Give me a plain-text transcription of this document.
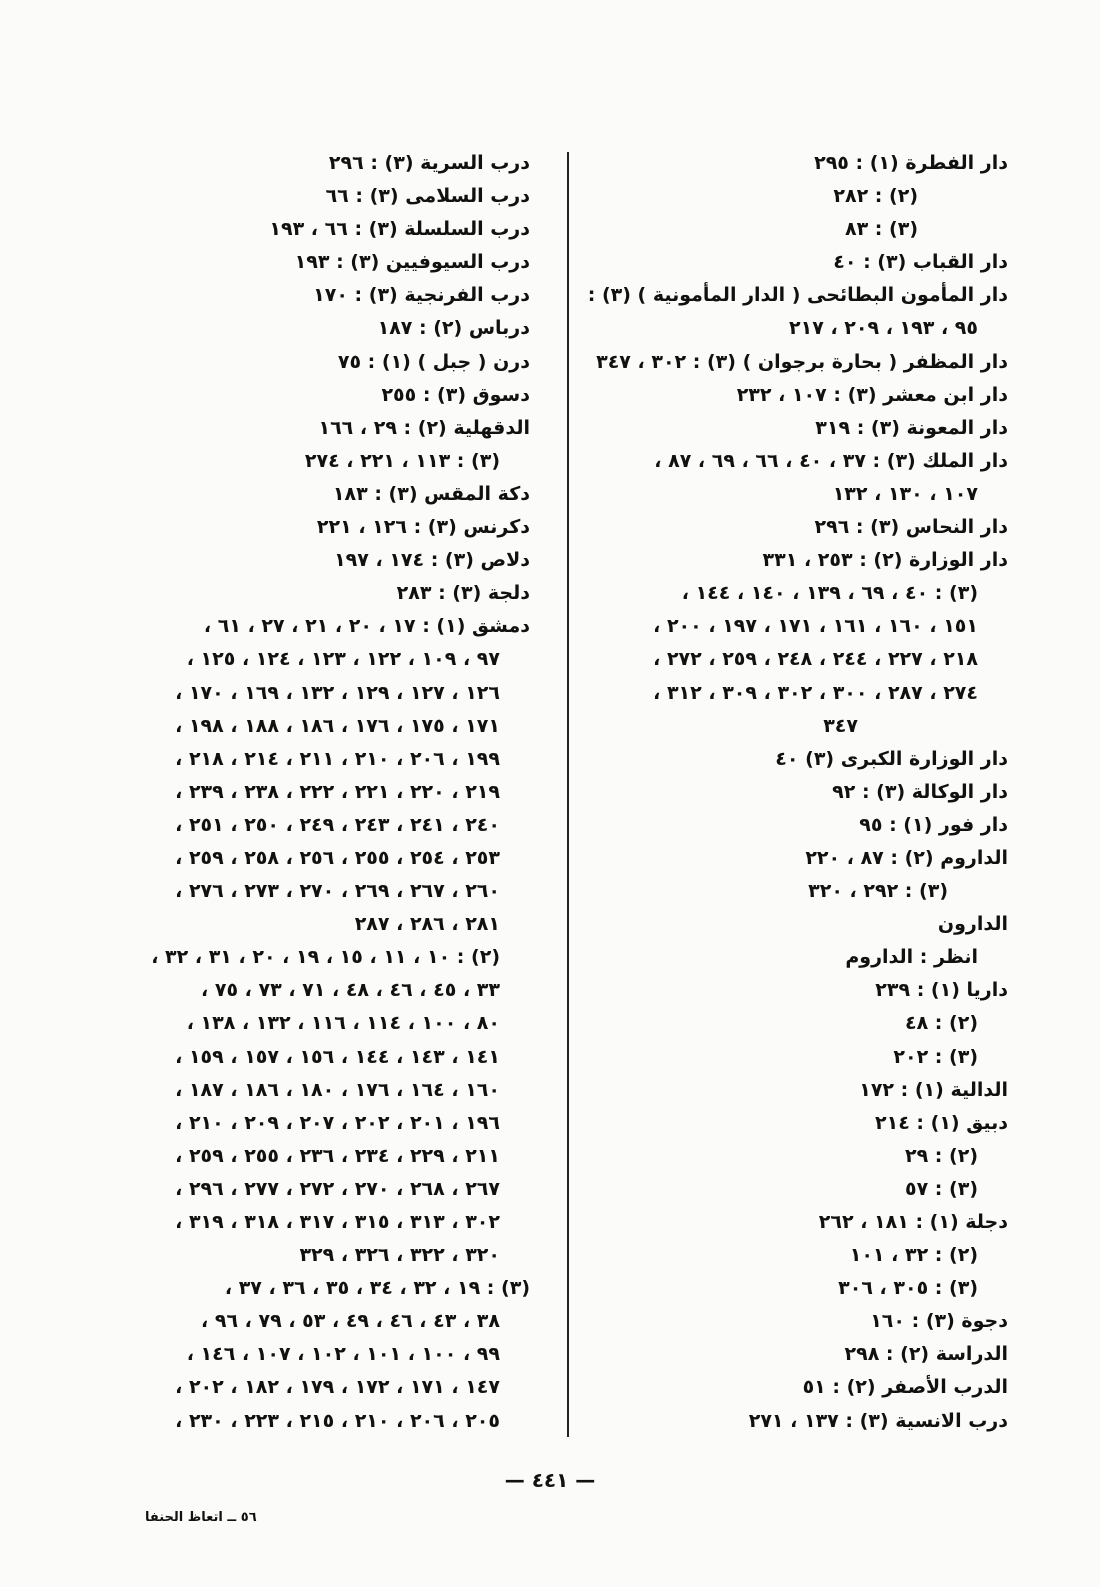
دار الفطرة (١) : ٢٩٥
(٢) : ٢٨٢
(٣) : ٨٣
دار القباب (٣) : ٤٠
دار المأمون البطائحى ( الدار المأمونية ) (٣) :
٩٥ ، ١٩٣ ، ٢٠٩ ، ٢١٧
دار المظفر ( بحارة برجوان ) (٣) : ٣٠٢ ، ٣٤٧
دار ابن معشر (٣) : ١٠٧ ، ٢٣٢
دار المعونة (٣) : ٣١٩
دار الملك (٣) : ٣٧ ، ٤٠ ، ٦٦ ، ٦٩ ، ٨٧ ،
١٠٧ ، ١٣٠ ، ١٣٢
دار النحاس (٣) : ٢٩٦
دار الوزارة (٢) : ٢٥٣ ، ٣٣١
(٣) : ٤٠ ، ٦٩ ، ١٣٩ ، ١٤٠ ، ١٤٤ ،
١٥١ ، ١٦٠ ، ١٦١ ، ١٧١ ، ١٩٧ ، ٢٠٠ ،
٢١٨ ، ٢٢٧ ، ٢٤٤ ، ٢٤٨ ، ٢٥٩ ، ٢٧٢ ،
٢٧٤ ، ٢٨٧ ، ٣٠٠ ، ٣٠٢ ، ٣٠٩ ، ٣١٢ ،
٣٤٧
دار الوزارة الكبرى (٣) ٤٠
دار الوكالة (٣) : ٩٢
دار فور (١) : ٩٥
الداروم (٢) : ٨٧ ، ٢٢٠
(٣) : ٢٩٢ ، ٣٢٠
الدارون
انظر : الداروم
داريا (١) : ٢٣٩
(٢) : ٤٨
(٣) : ٢٠٢
الدالية (١) : ١٧٢
دبيق (١) : ٢١٤
(٢) : ٢٩
(٣) : ٥٧
دجلة (١) : ١٨١ ، ٢٦٢
(٢) : ٣٢ ، ١٠١
(٣) : ٣٠٥ ، ٣٠٦
دجوة (٣) : ١٦٠
الدراسة (٢) : ٢٩٨
الدرب الأصفر (٢) : ٥١
درب الانسية (٣) : ١٣٧ ، ٢٧١
درب السرية (٣) : ٢٩٦
درب السلامى (٣) : ٦٦
درب السلسلة (٣) : ٦٦ ، ١٩٣
درب السيوفيين (٣) : ١٩٣
درب الفرنجية (٣) : ١٧٠
درباس (٢) : ١٨٧
درن ( جبل ) (١) : ٧٥
دسوق (٣) : ٢٥٥
الدقهلية (٢) : ٢٩ ، ١٦٦
(٣) : ١١٣ ، ٢٢١ ، ٢٧٤
دكة المقس (٣) : ١٨٣
دكرنس (٣) : ١٢٦ ، ٢٢١
دلاص (٣) : ١٧٤ ، ١٩٧
دلجة (٣) : ٢٨٣
دمشق (١) : ١٧ ، ٢٠ ، ٢١ ، ٢٧ ، ٦١ ،
٩٧ ، ١٠٩ ، ١٢٢ ، ١٢٣ ، ١٢٤ ، ١٢٥ ،
١٢٦ ، ١٢٧ ، ١٢٩ ، ١٣٢ ، ١٦٩ ، ١٧٠ ،
١٧١ ، ١٧٥ ، ١٧٦ ، ١٨٦ ، ١٨٨ ، ١٩٨ ،
١٩٩ ، ٢٠٦ ، ٢١٠ ، ٢١١ ، ٢١٤ ، ٢١٨ ،
٢١٩ ، ٢٢٠ ، ٢٢١ ، ٢٢٢ ، ٢٣٨ ، ٢٣٩ ،
٢٤٠ ، ٢٤١ ، ٢٤٣ ، ٢٤٩ ، ٢٥٠ ، ٢٥١ ،
٢٥٣ ، ٢٥٤ ، ٢٥٥ ، ٢٥٦ ، ٢٥٨ ، ٢٥٩ ،
٢٦٠ ، ٢٦٧ ، ٢٦٩ ، ٢٧٠ ، ٢٧٣ ، ٢٧٦ ،
٢٨١ ، ٢٨٦ ، ٢٨٧
(٢) : ١٠ ، ١١ ، ١٥ ، ١٩ ، ٢٠ ، ٣١ ، ٣٢ ،
٣٣ ، ٤٥ ، ٤٦ ، ٤٨ ، ٧١ ، ٧٣ ، ٧٥ ،
٨٠ ، ١٠٠ ، ١١٤ ، ١١٦ ، ١٣٢ ، ١٣٨ ،
١٤١ ، ١٤٣ ، ١٤٤ ، ١٥٦ ، ١٥٧ ، ١٥٩ ،
١٦٠ ، ١٦٤ ، ١٧٦ ، ١٨٠ ، ١٨٦ ، ١٨٧ ،
١٩٦ ، ٢٠١ ، ٢٠٢ ، ٢٠٧ ، ٢٠٩ ، ٢١٠ ،
٢١١ ، ٢٢٩ ، ٢٣٤ ، ٢٣٦ ، ٢٥٥ ، ٢٥٩ ،
٢٦٧ ، ٢٦٨ ، ٢٧٠ ، ٢٧٢ ، ٢٧٧ ، ٢٩٦ ،
٣٠٢ ، ٣١٣ ، ٣١٥ ، ٣١٧ ، ٣١٨ ، ٣١٩ ،
٣٢٠ ، ٣٢٢ ، ٣٢٦ ، ٣٢٩
(٣) : ١٩ ، ٣٢ ، ٣٤ ، ٣٥ ، ٣٦ ، ٣٧ ،
٣٨ ، ٤٣ ، ٤٦ ، ٤٩ ، ٥٣ ، ٧٩ ، ٩٦ ،
٩٩ ، ١٠٠ ، ١٠١ ، ١٠٢ ، ١٠٧ ، ١٤٦ ،
١٤٧ ، ١٧١ ، ١٧٢ ، ١٧٩ ، ١٨٢ ، ٢٠٢ ،
٢٠٥ ، ٢٠٦ ، ٢١٠ ، ٢١٥ ، ٢٢٣ ، ٢٣٠ ،
— ٤٤١ —
٥٦ ــ اتعاظ الحنفا
